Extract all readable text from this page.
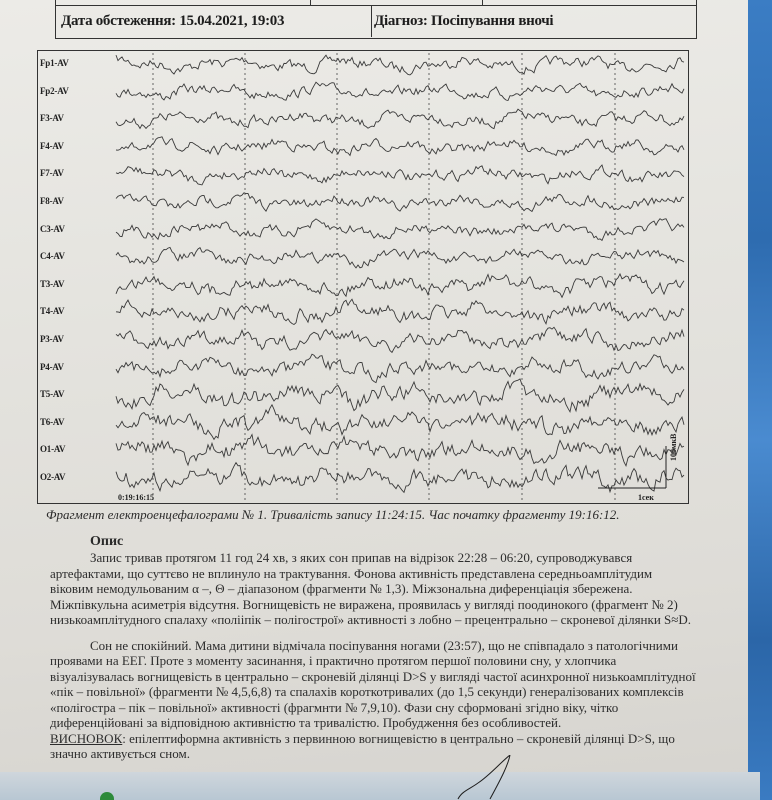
Дата обстеження:
15.04.2021, 19:03	Діагноз:
Посіпування вночі
0:19:16:15	1сек
100мкВ
Fp1-AV
Fp2-AV
F3-AV
F4-AV
F7-AV
F8-AV
C3-AV
C4-AV
T3-AV
T4-AV
P3-AV
P4-AV
T5-AV
T6-AV
O1-AV
O2-AV
Фрагмент електроенцефалограми № 1. Тривалість запису 11:24:15. Час початку фрагменту 19:16:12.
Опис

Запис тривав протягом 11 год 24 хв, з яких сон припав на відрізок 22:28 – 06:20, супроводжувався артефактами, що суттєво не вплинуло на трактування. Фонова активність представлена середньоамплітудим віковим немодульованим α –, Θ – діапазоном (фрагменти № 1,3). Міжзональна диференціація збережена. Міжпівкульна асиметрія відсутня. Вогнищевість не виражена, проявилась у вигляді поодинокого (фрагмент № 2) низькоамплітудного спалаху «полііпік – полігострої» активності з лобно – прецентрально – скроневої ділянки S≈D.

Сон не спокійний. Мама дитини відмічала посіпування ногами (23:57), що не співпадало з патологічними проявами на ЕЕГ. Проте з моменту засинання, і практично протягом першої половини сну, у хлопчика візуалізувалась вогнищевість в центрально – скроневій ділянці D>S у вигляді частої асинхронної низькоамплітудної «пік – повільної» (фрагменти № 4,5,6,8) та спалахів короткотривалих (до 1,5 секунди) генералізованих комплексів «полігостра – пік – повільної» активності (фрагмнти № 7,9,10). Фази сну сформовані згідно віку, чітко диференційовані за відповідною активністю та тривалістю. Пробудження без особливостей.

ВИСНОВОК: епілептиформна активність з первинною вогнищевістю в центрально – скроневій ділянці D>S, що значно активується сном.
